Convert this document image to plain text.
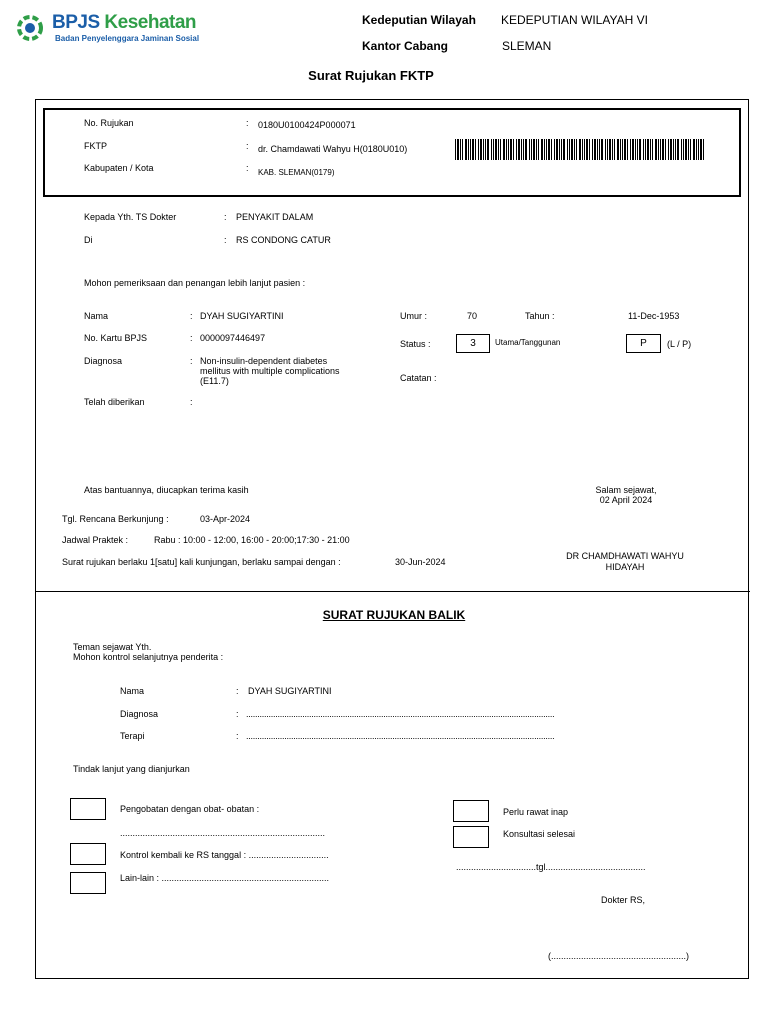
BPJS Kesehatan
Badan Penyelenggara Jaminan Sosial
Kedeputian Wilayah KEDEPUTIAN WILAYAH VI
Kantor Cabang	SLEMAN
Surat Rujukan FKTP
No. Rujukan	: 0180U0100424P000071
FKTP	: dr. Chamdawati Wahyu H(0180U010)
Kabupaten / Kota	: KAB. SLEMAN(0179)
Kepada Yth. TS Dokter	: PENYAKIT DALAM
Di	: RS CONDONG CATUR
Mohon pemeriksaan dan penangan lebih lanjut pasien :
Nama	: DYAH SUGIYARTINI
No. Kartu BPJS	: 0000097446497
Diagnosa	: Non-insulin-dependent diabetes
mellitus with multiple complications
(E11.7)
Telah diberikan	:
Umur :	70	Tahun :	11-Dec-1953
Status :	3	Utama/Tanggunan	P	(L / P)
Catatan :
Atas bantuannya, diucapkan terima kasih	Salam sejawat,
02 April 2024
Tgl. Rencana Berkunjung :	03-Apr-2024
Jadwal Praktek :	Rabu : 10:00 - 12:00, 16:00 - 20:00;17:30 - 21:00
Surat rujukan berlaku 1[satu] kali kunjungan, berlaku sampai dengan :	30-Jun-2024
DR CHAMDHAWATI WAHYU
HIDAYAH
SURAT RUJUKAN BALIK
Teman sejawat Yth.
Mohon kontrol selanjutnya penderita :
Nama	: DYAH SUGIYARTINI
Diagnosa	: .........................................................................................................................................
Terapi	: .........................................................................................................................................
Tindak lanjut yang dianjurkan
Pengobatan dengan obat- obatan :
..................................................................................
Kontrol kembali ke RS tanggal : ................................
Lain-lain : ...................................................................
Perlu rawat inap
Konsultasi selesai
................................tgl........................................
Dokter RS,
(......................................................)
